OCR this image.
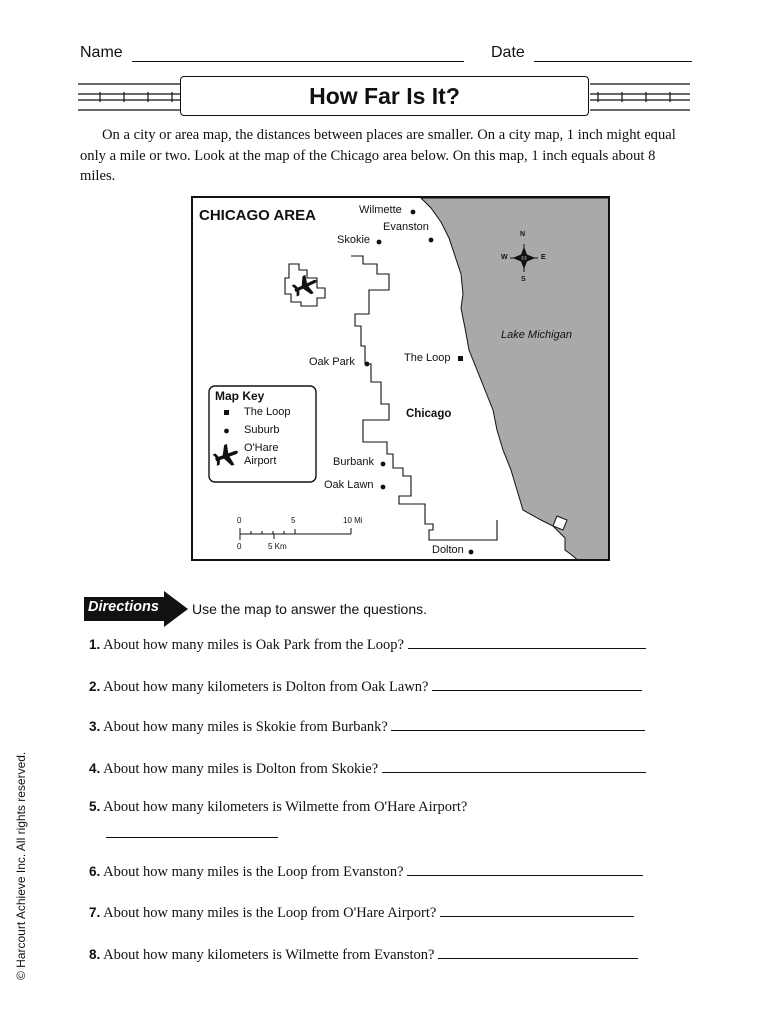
Name	Date
How Far Is It?
On a city or area map, the distances between places are smaller. On a city map, 1 inch might equal only a mile or two. Look at the map of the Chicago area below. On this map, 1 inch equals about 8 miles.
CHICAGO AREA	Wilmette
Evanston
Skokie
Oak Park	The Loop
Chicago
Burbank
Oak Lawn
Dolton
Lake Michigan
N
S
W	E
Map Key
The Loop
Suburb
O'Hare
Airport
0	5	10 Mi
0	5 Km
Directions Use the map to answer the questions.
1. About how many miles is Oak Park from the Loop?
2. About how many kilometers is Dolton from Oak Lawn?
3. About how many miles is Skokie from Burbank?
4. About how many miles is Dolton from Skokie?
5. About how many kilometers is Wilmette from O'Hare Airport?
6. About how many miles is the Loop from Evanston?
7. About how many miles is the Loop from O'Hare Airport?
8. About how many kilometers is Wilmette from Evanston?
© Harcourt Achieve Inc. All rights reserved.
